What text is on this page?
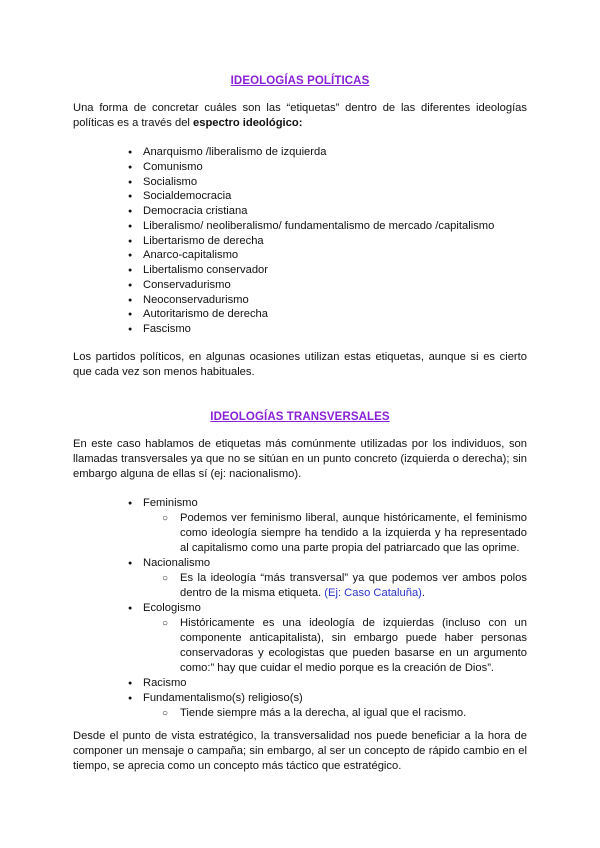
IDEOLOGÍAS POLÍTICAS
Una forma de concretar cuáles son las “etiquetas” dentro de las diferentes ideologías políticas es a través del espectro ideológico:
● Anarquismo /liberalismo de izquierda
● Comunismo
● Socialismo
● Socialdemocracia
● Democracia cristiana
● Liberalismo/ neoliberalismo/ fundamentalismo de mercado /capitalismo
● Libertarismo de derecha
● Anarco-capitalismo
● Libertalismo conservador
● Conservadurismo
● Neoconservadurismo
● Autoritarismo de derecha
● Fascismo
Los partidos políticos, en algunas ocasiones utilizan estas etiquetas, aunque si es cierto que cada vez son menos habituales.
IDEOLOGÍAS TRANSVERSALES
En este caso hablamos de etiquetas más comúnmente utilizadas por los individuos, son llamadas transversales ya que no se sitúan en un punto concreto (izquierda o derecha); sin embargo alguna de ellas sí (ej: nacionalismo).
● Feminismo
○ Podemos ver feminismo liberal, aunque históricamente, el feminismo como ideología siempre ha tendido a la izquierda y ha representado al capitalismo como una parte propia del patriarcado que las oprime.
● Nacionalismo
○ Es la ideología “más transversal” ya que podemos ver ambos polos dentro de la misma etiqueta. (Ej: Caso Cataluña).
● Ecologismo
○ Históricamente es una ideología de izquierdas (incluso con un componente anticapitalista), sin embargo puede haber personas conservadoras y ecologistas que pueden basarse en un argumento como:” hay que cuidar el medio porque es la creación de Dios”.
● Racismo
● Fundamentalismo(s) religioso(s)
○ Tiende siempre más a la derecha, al igual que el racismo.
Desde el punto de vista estratégico, la transversalidad nos puede beneficiar a la hora de componer un mensaje o campaña; sin embargo, al ser un concepto de rápido cambio en el tiempo, se aprecia como un concepto más táctico que estratégico.
